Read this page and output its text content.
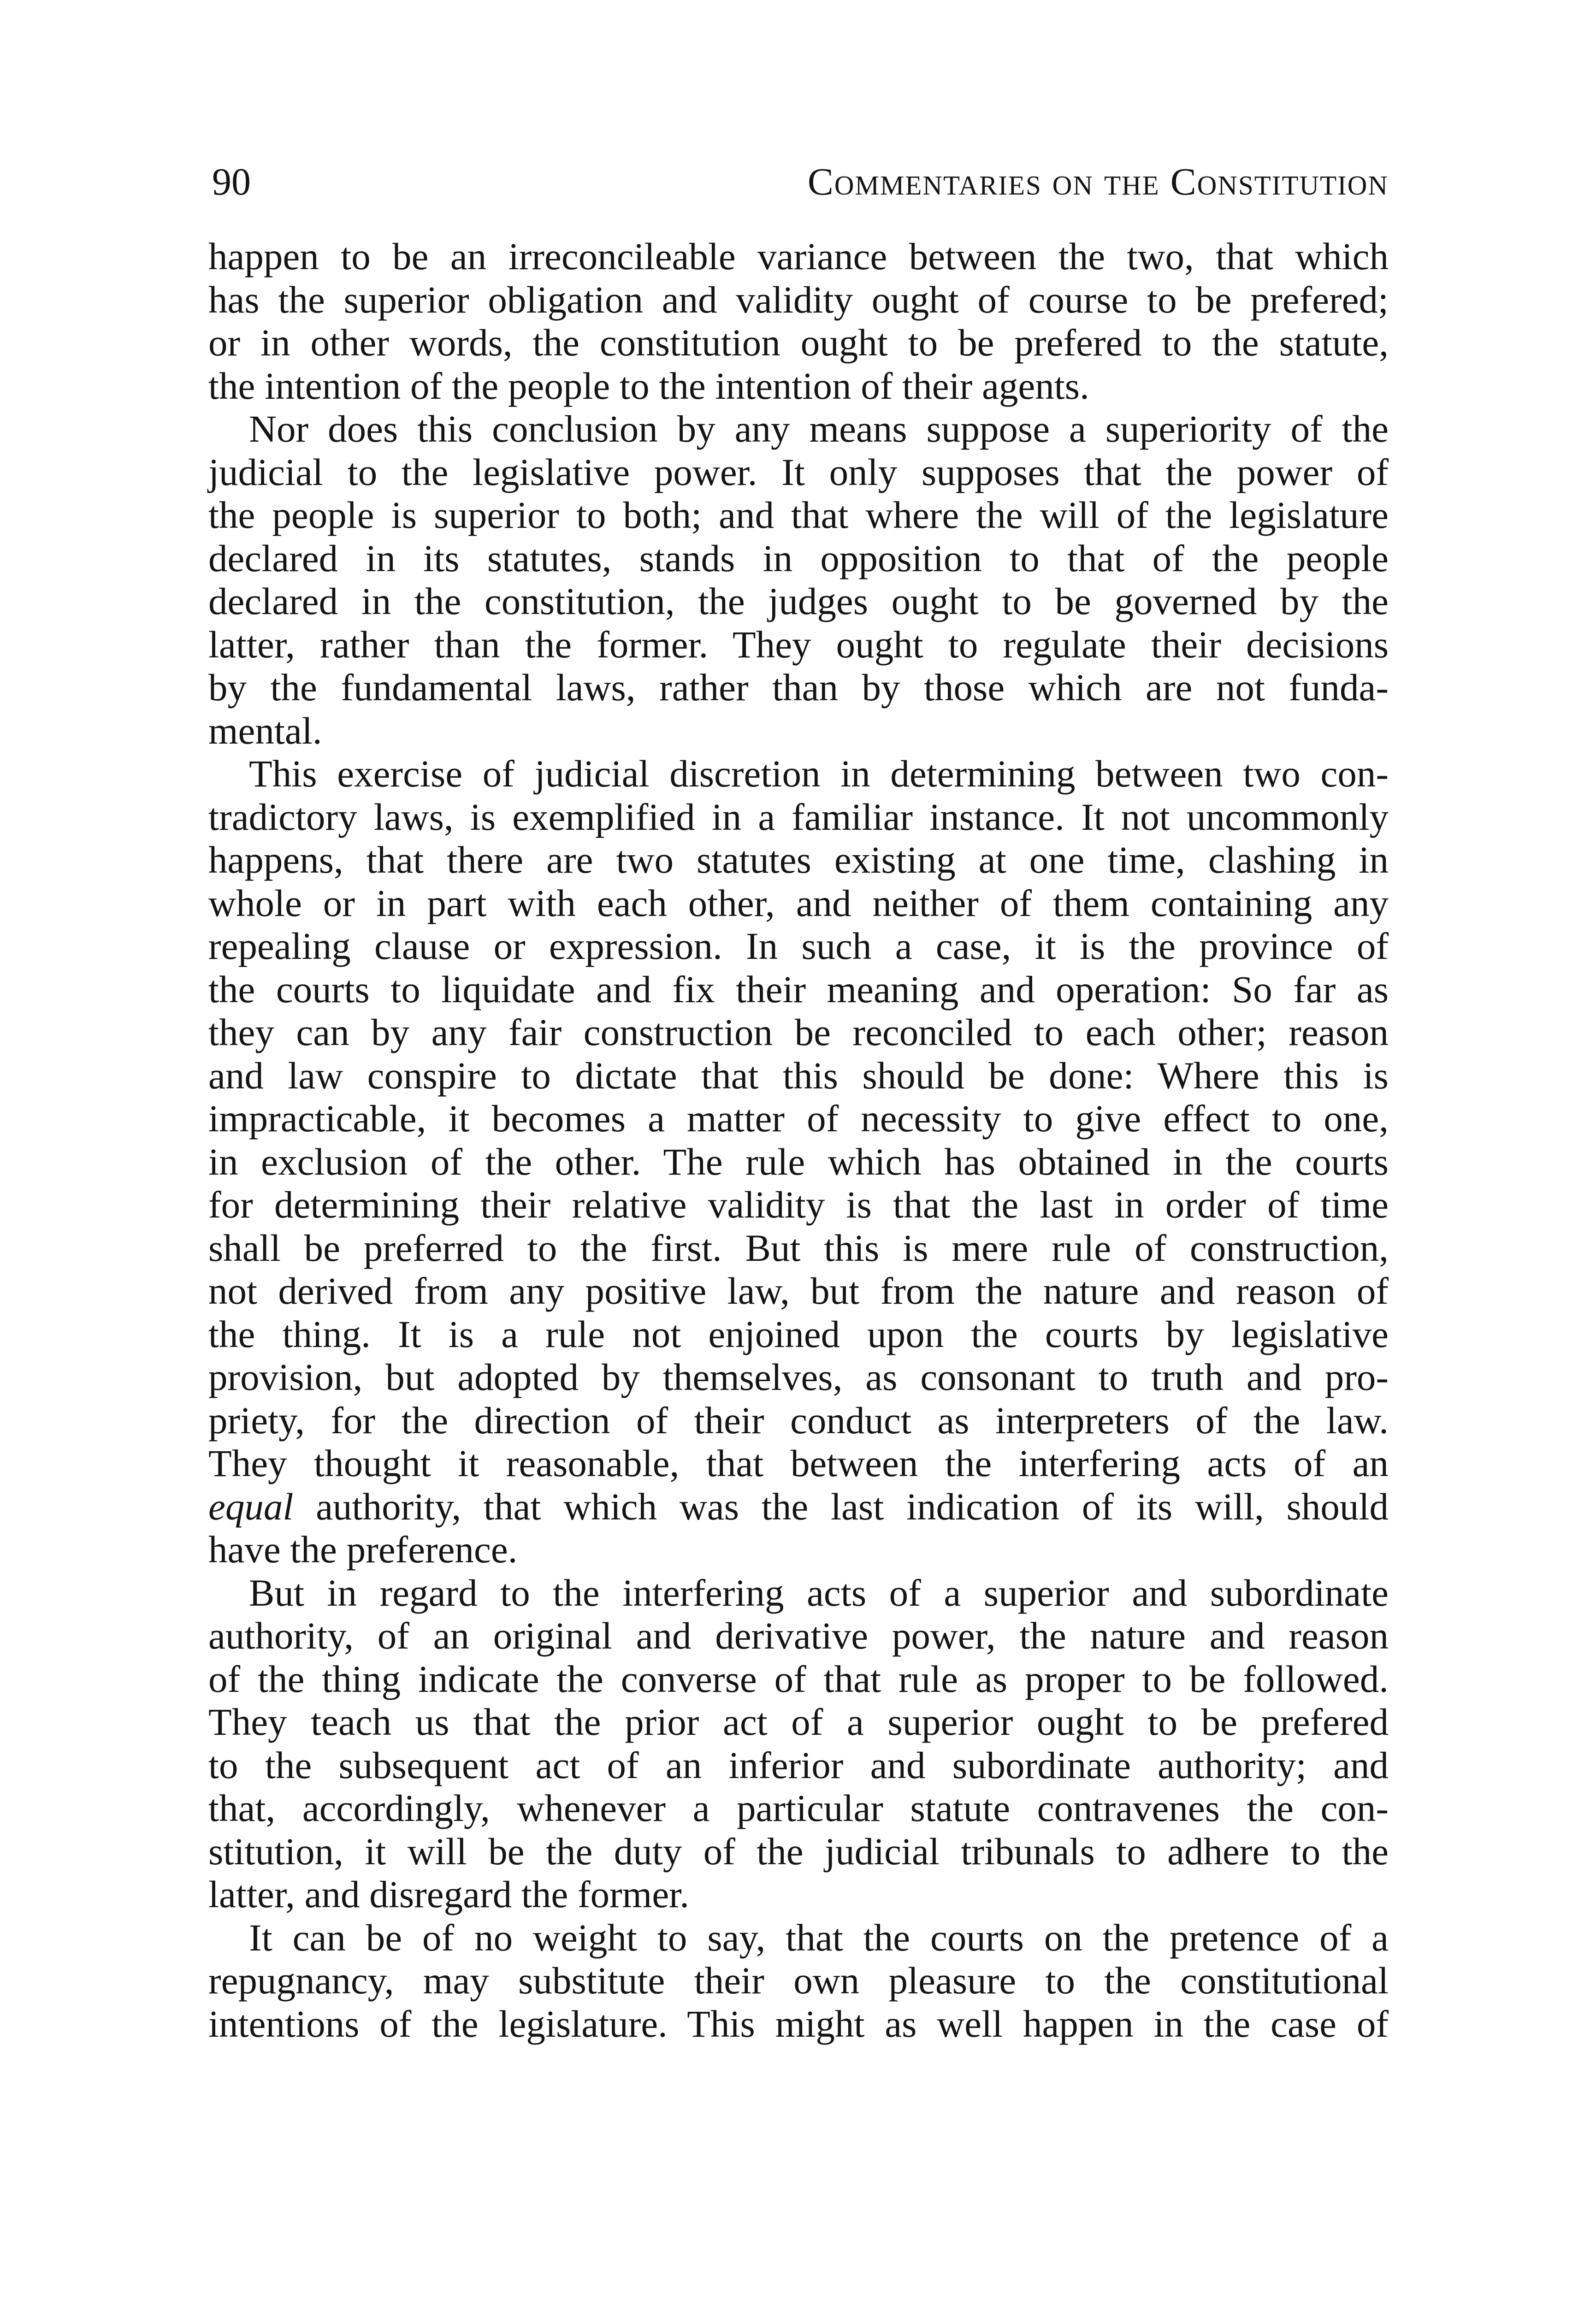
90	Commentaries on the Constitution

happen to be an irreconcileable variance between the two, that which
has the superior obligation and validity ought of course to be prefered;
or in other words, the constitution ought to be prefered to the statute,
the intention of the people to the intention of their agents.

Nor does this conclusion by any means suppose a superiority of the
judicial to the legislative power. It only supposes that the power of
the people is superior to both; and that where the will of the legislature
declared in its statutes, stands in opposition to that of the people
declared in the constitution, the judges ought to be governed by the
latter, rather than the former. They ought to regulate their decisions
by the fundamental laws, rather than by those which are not funda-
mental.

This exercise of judicial discretion in determining between two con-
tradictory laws, is exemplified in a familiar instance. It not uncommonly
happens, that there are two statutes existing at one time, clashing in
whole or in part with each other, and neither of them containing any
repealing clause or expression. In such a case, it is the province of
the courts to liquidate and fix their meaning and operation: So far as
they can by any fair construction be reconciled to each other; reason
and law conspire to dictate that this should be done: Where this is
impracticable, it becomes a matter of necessity to give effect to one,
in exclusion of the other. The rule which has obtained in the courts
for determining their relative validity is that the last in order of time
shall be preferred to the first. But this is mere rule of construction,
not derived from any positive law, but from the nature and reason of
the thing. It is a rule not enjoined upon the courts by legislative
provision, but adopted by themselves, as consonant to truth and pro-
priety, for the direction of their conduct as interpreters of the law.
They thought it reasonable, that between the interfering acts of an
equal authority, that which was the last indication of its will, should
have the preference.

But in regard to the interfering acts of a superior and subordinate
authority, of an original and derivative power, the nature and reason
of the thing indicate the converse of that rule as proper to be followed.
They teach us that the prior act of a superior ought to be prefered
to the subsequent act of an inferior and subordinate authority; and
that, accordingly, whenever a particular statute contravenes the con-
stitution, it will be the duty of the judicial tribunals to adhere to the
latter, and disregard the former.

It can be of no weight to say, that the courts on the pretence of a
repugnancy, may substitute their own pleasure to the constitutional
intentions of the legislature. This might as well happen in the case of
